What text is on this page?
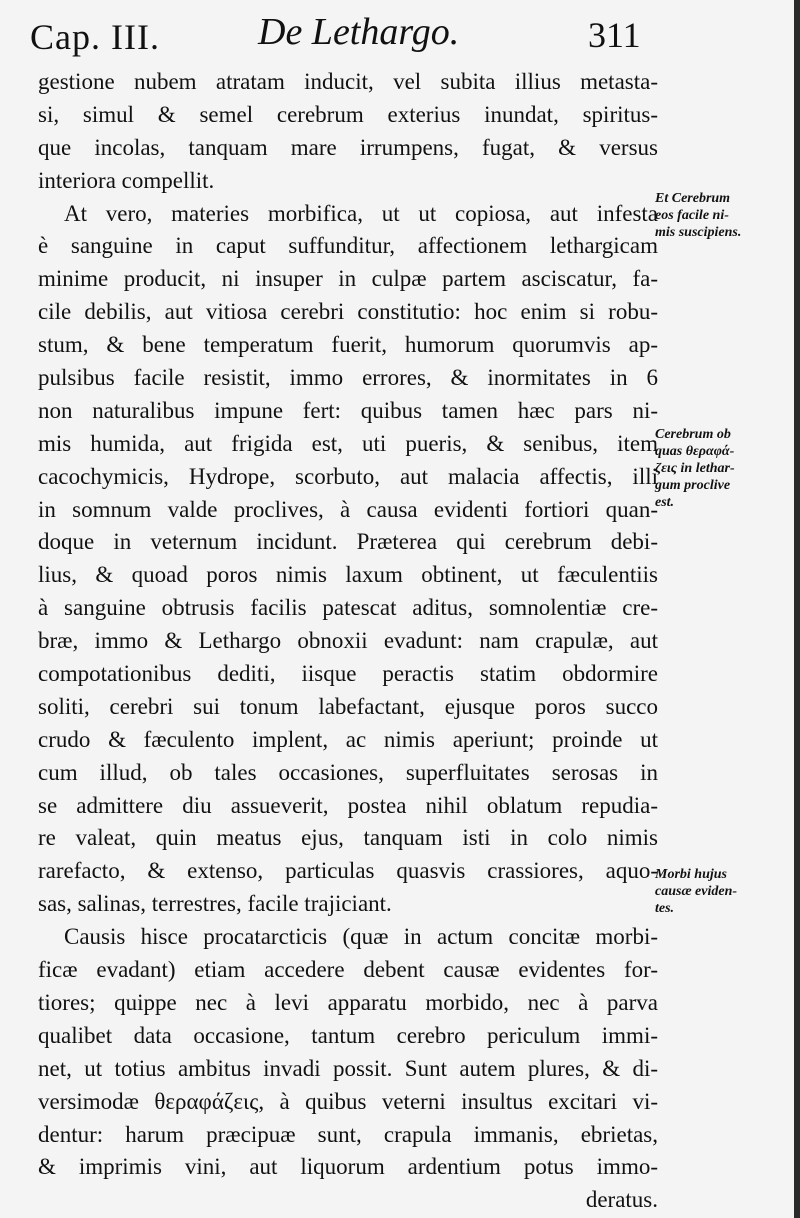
Cap. III.	De Lethargo.	311
gestione nubem atratam inducit, vel subita illius metasta-
si, simul & semel cerebrum exterius inundat, spiritus-
que incolas, tanquam mare irrumpens, fugat, & versus
interiora compellit.
At vero, materies morbifica, ut ut copiosa, aut infesta
è sanguine in caput suffunditur, affectionem lethargicam
minime producit, ni insuper in culpæ partem asciscatur, fa-
cile debilis, aut vitiosa cerebri constitutio: hoc enim si robu-
stum, & bene temperatum fuerit, humorum quorumvis ap-
pulsibus facile resistit, immo errores, & inormitates in 6
non naturalibus impune fert: quibus tamen hæc pars ni-
mis humida, aut frigida est, uti pueris, & senibus, item
cacochymicis, Hydrope, scorbuto, aut malacia affectis, illi
in somnum valde proclives, à causa evidenti fortiori quan-
doque in veternum incidunt. Præterea qui cerebrum debi-
lius, & quoad poros nimis laxum obtinent, ut fæculentiis
à sanguine obtrusis facilis patescat aditus, somnolentiæ cre-
bræ, immo & Lethargo obnoxii evadunt: nam crapulæ, aut
compotationibus dediti, iisque peractis statim obdormire
soliti, cerebri sui tonum labefactant, ejusque poros succo
crudo & fæculento implent, ac nimis aperiunt; proinde ut
cum illud, ob tales occasiones, superfluitates serosas in
se admittere diu assueverit, postea nihil oblatum repudia-
re valeat, quin meatus ejus, tanquam isti in colo nimis
rarefacto, & extenso, particulas quasvis crassiores, aquo-
sas, salinas, terrestres, facile trajiciant.
Causis hisce procatarcticis (quæ in actum concitæ morbi-
ficæ evadant) etiam accedere debent causæ evidentes for-
tiores; quippe nec à levi apparatu morbido, nec à parva
qualibet data occasione, tantum cerebro periculum immi-
net, ut totius ambitus invadi possit. Sunt autem plures, & di-
versimodæ θεραφάζεις, à quibus veterni insultus excitari vi-
dentur: harum præcipuæ sunt, crapula immanis, ebrietas,
& imprimis vini, aut liquorum ardentium potus immo-
deratus.
Et Cerebrum
eos facile ni-
mis suscipiens.
Cerebrum ob
quas θεραφά-
ζεις in lethar-
gum proclive
est.
Morbi hujus
causæ eviden-
tes.
